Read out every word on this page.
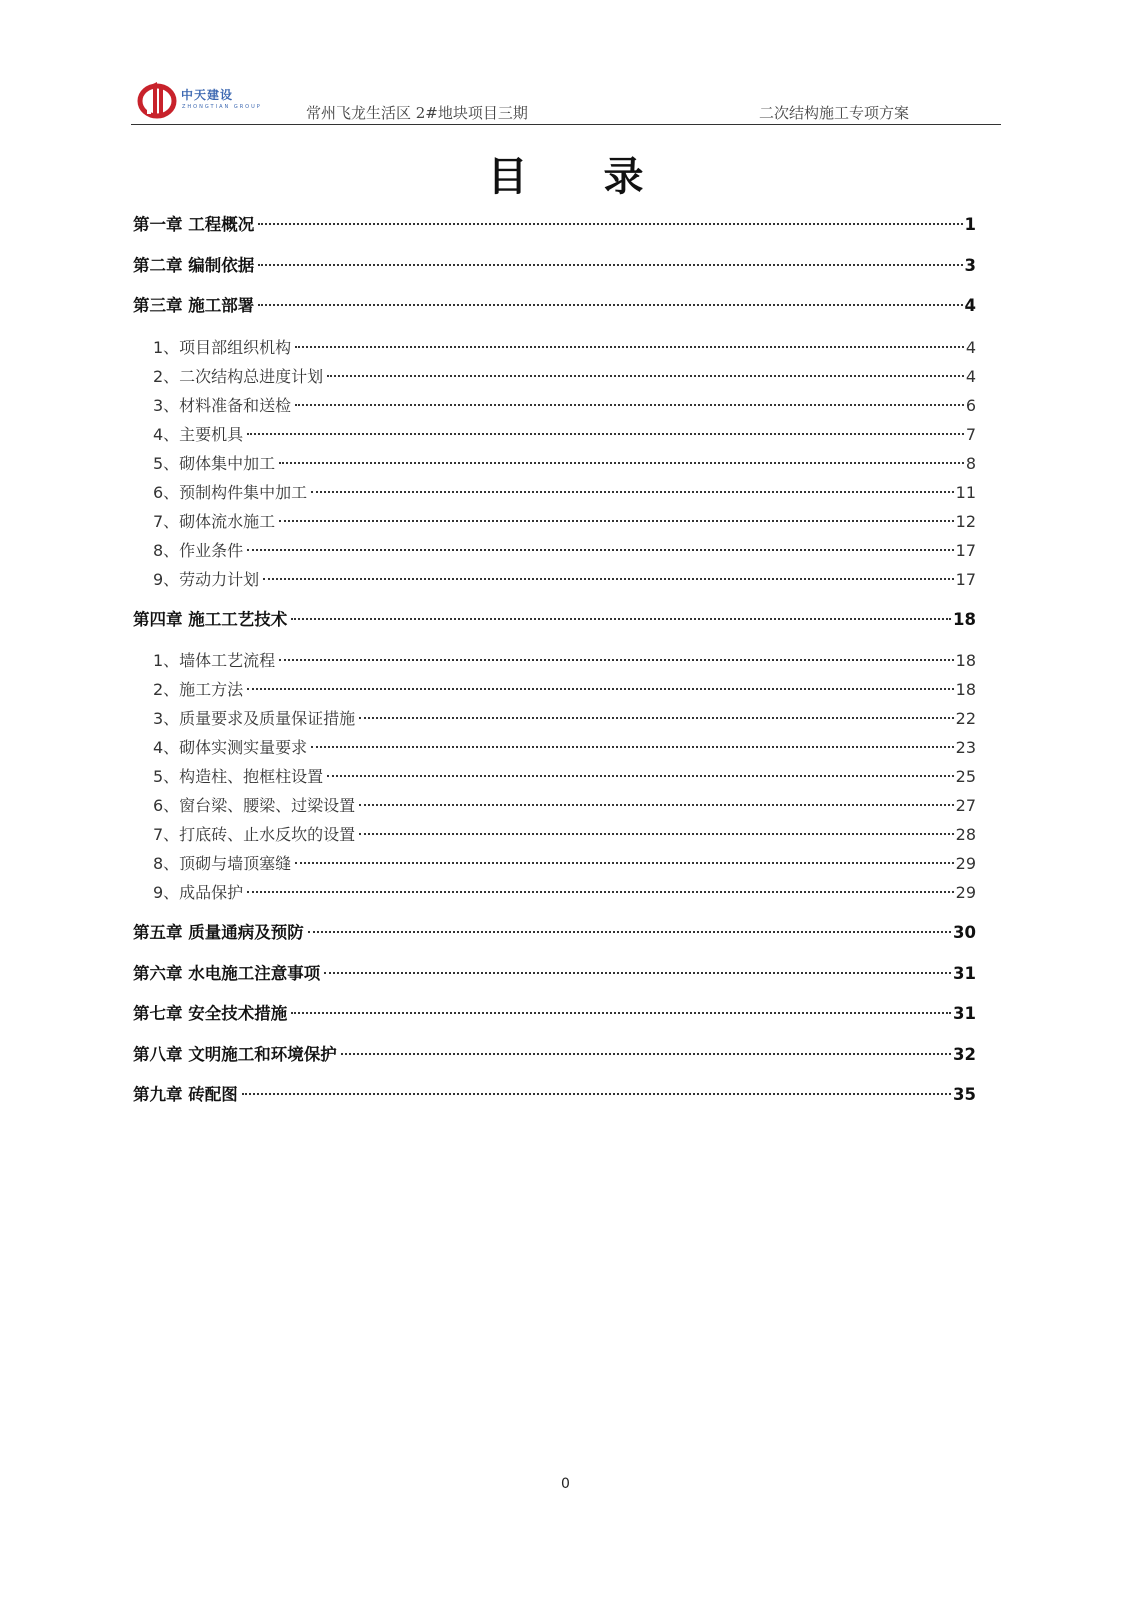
中天建设
ZHONGTIAN GROUP	常州飞龙生活区 2#地块项目三期	二次结构施工专项方案
目录
第一章 工程概况	1
第二章 编制依据	3
第三章 施工部署	4
1、项目部组织机构	4
2、二次结构总进度计划	4
3、材料准备和送检	6
4、主要机具	7
5、砌体集中加工	8
6、预制构件集中加工	11
7、砌体流水施工	12
8、作业条件	17
9、劳动力计划	17
第四章 施工工艺技术	18
1、墙体工艺流程	18
2、施工方法	18
3、质量要求及质量保证措施	22
4、砌体实测实量要求	23
5、构造柱、抱框柱设置	25
6、窗台梁、腰梁、过梁设置	27
7、打底砖、止水反坎的设置	28
8、顶砌与墙顶塞缝	29
9、成品保护	29
第五章 质量通病及预防	30
第六章 水电施工注意事项	31
第七章 安全技术措施	31
第八章 文明施工和环境保护	32
第九章 砖配图	35
0
